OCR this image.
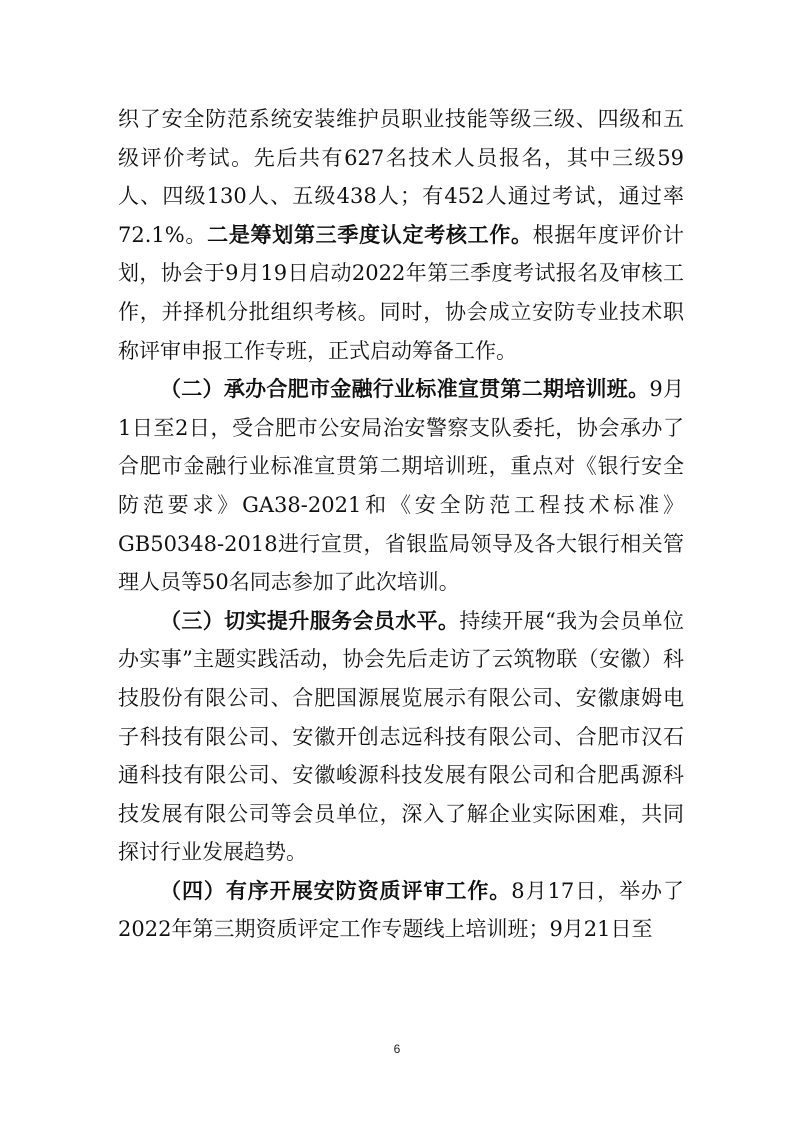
织了安全防范系统安装维护员职业技能等级三级、四级和五级评价考试。先后共有627名技术人员报名，其中三级59人、四级130人、五级438人；有452人通过考试，通过率72.1%。二是筹划第三季度认定考核工作。根据年度评价计划，协会于9月19日启动2022年第三季度考试报名及审核工作，并择机分批组织考核。同时，协会成立安防专业技术职称评审申报工作专班，正式启动筹备工作。

（二）承办合肥市金融行业标准宣贯第二期培训班。9月1日至2日，受合肥市公安局治安警察支队委托，协会承办了合肥市金融行业标准宣贯第二期培训班，重点对《银行安全防范要求》GA38-2021和《安全防范工程技术标准》GB50348-2018进行宣贯，省银监局领导及各大银行相关管理人员等50名同志参加了此次培训。

（三）切实提升服务会员水平。持续开展“我为会员单位办实事”主题实践活动，协会先后走访了云筑物联（安徽）科技股份有限公司、合肥国源展览展示有限公司、安徽康姆电子科技有限公司、安徽开创志远科技有限公司、合肥市汉石通科技有限公司、安徽峻源科技发展有限公司和合肥禹源科技发展有限公司等会员单位，深入了解企业实际困难，共同探讨行业发展趋势。

（四）有序开展安防资质评审工作。8月17日，举办了2022年第三期资质评定工作专题线上培训班；9月21日至

6
